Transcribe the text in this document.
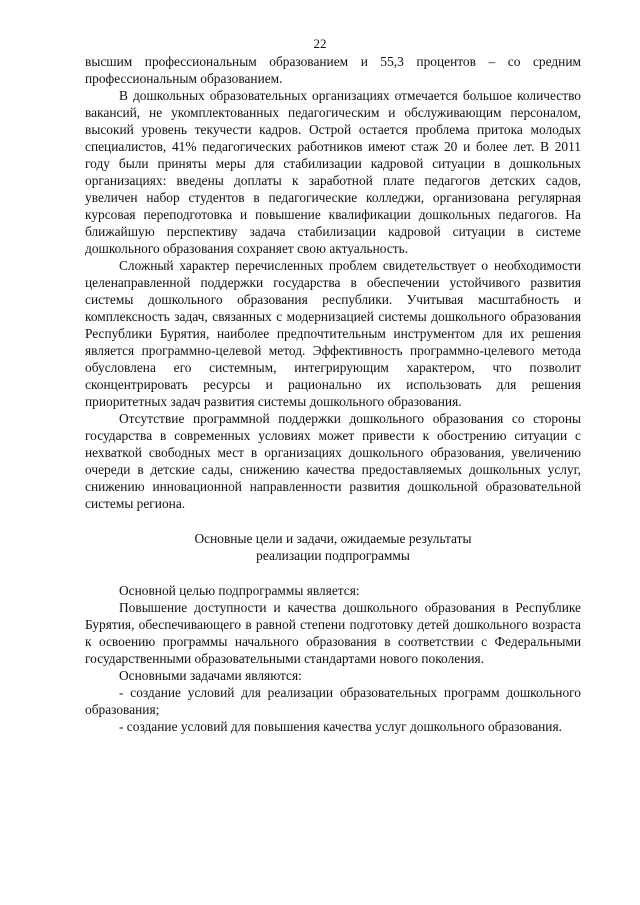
22

высшим профессиональным образованием и 55,3 процентов – со средним профессиональным образованием.

В дошкольных образовательных организациях отмечается большое количество вакансий, не укомплектованных педагогическим и обслуживающим персоналом, высокий уровень текучести кадров. Острой остается проблема притока молодых специалистов, 41% педагогических работников имеют стаж 20 и более лет. В 2011 году были приняты меры для стабилизации кадровой ситуации в дошкольных организациях: введены доплаты к заработной плате педагогов детских садов, увеличен набор студентов в педагогические колледжи, организована регулярная курсовая переподготовка и повышение квалификации дошкольных педагогов. На ближайшую перспективу задача стабилизации кадровой ситуации в системе дошкольного образования сохраняет свою актуальность.

Сложный характер перечисленных проблем свидетельствует о необходимости целенаправленной поддержки государства в обеспечении устойчивого развития системы дошкольного образования республики. Учитывая масштабность и комплексность задач, связанных с модернизацией системы дошкольного образования Республики Бурятия, наиболее предпочтительным инструментом для их решения является программно-целевой метод. Эффективность программно-целевого метода обусловлена его системным, интегрирующим характером, что позволит сконцентрировать ресурсы и рационально их использовать для решения приоритетных задач развития системы дошкольного образования.

Отсутствие программной поддержки дошкольного образования со стороны государства в современных условиях может привести к обострению ситуации с нехваткой свободных мест в организациях дошкольного образования, увеличению очереди в детские сады, снижению качества предоставляемых дошкольных услуг, снижению инновационной направленности развития дошкольной образовательной системы региона.

Основные цели и задачи, ожидаемые результаты
реализации подпрограммы

Основной целью подпрограммы является:

Повышение доступности и качества дошкольного образования в Республике Бурятия, обеспечивающего в равной степени подготовку детей дошкольного возраста к освоению программы начального образования в соответствии с Федеральными государственными образовательными стандартами нового поколения.

Основными задачами являются:

- создание условий для реализации образовательных программ дошкольного образования;

- создание условий для повышения качества услуг дошкольного образования.
